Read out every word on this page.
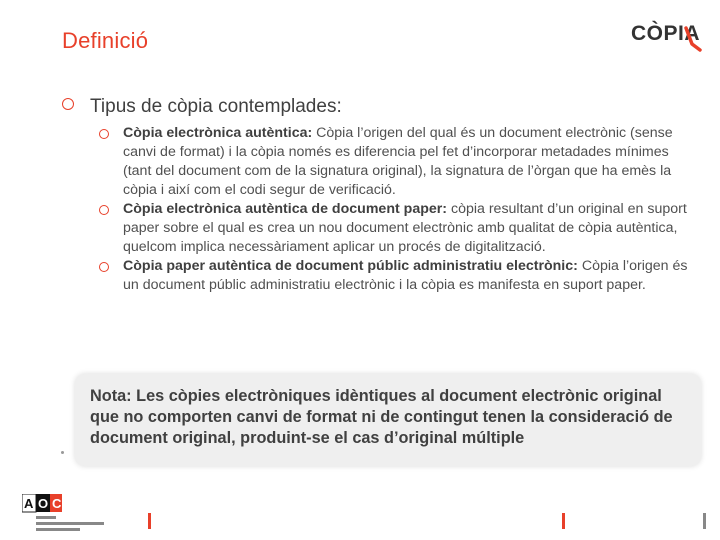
Definició	CÒPIA
Tipus de còpia contemplades:
Còpia electrònica autèntica: Còpia l’origen del qual és un document electrònic (sense canvi de format) i la còpia només es diferencia pel fet d’incorporar metadades mínimes (tant del document com de la signatura original), la signatura de l’òrgan que ha emès la còpia i així com el codi segur de verificació.
Còpia electrònica autèntica de document paper: còpia resultant d’un original en suport paper sobre el qual es crea un nou document electrònic amb qualitat de còpia autèntica, quelcom implica necessàriament aplicar un procés de digitalització.
Còpia paper autèntica de document públic administratiu electrònic: Còpia l’origen és un document públic administratiu electrònic i la còpia es manifesta en suport paper.
Nota: Les còpies electròniques idèntiques al document electrònic original que no comporten canvi de format ni de contingut tenen la consideració de document original, produint-se el cas d’original múltiple
A O C
